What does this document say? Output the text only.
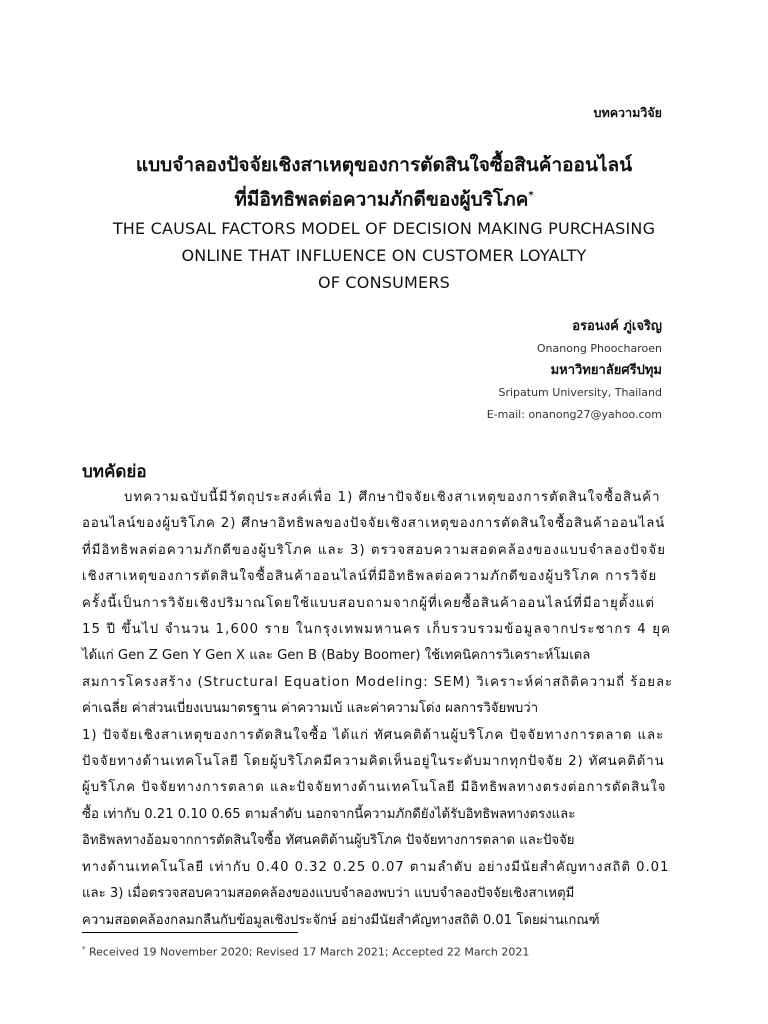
บทความวิจัย
แบบจำลองปัจจัยเชิงสาเหตุของการตัดสินใจซื้อสินค้าออนไลน์
ที่มีอิทธิพลต่อความภักดีของผู้บริโภค*
THE CAUSAL FACTORS MODEL OF DECISION MAKING PURCHASING
ONLINE THAT INFLUENCE ON CUSTOMER LOYALTY
OF CONSUMERS
อรอนงค์ ภู่เจริญ
Onanong Phoocharoen
มหาวิทยาลัยศรีปทุม
Sripatum University, Thailand
E-mail: onanong27@yahoo.com
บทคัดย่อ
บทความฉบับนี้มีวัตถุประสงค์เพื่อ 1) ศึกษาปัจจัยเชิงสาเหตุของการตัดสินใจซื้อสินค้า
ออนไลน์ของผู้บริโภค 2) ศึกษาอิทธิพลของปัจจัยเชิงสาเหตุของการตัดสินใจซื้อสินค้าออนไลน์
ที่มีอิทธิพลต่อความภักดีของผู้บริโภค และ 3) ตรวจสอบความสอดคล้องของแบบจำลองปัจจัย
เชิงสาเหตุของการตัดสินใจซื้อสินค้าออนไลน์ที่มีอิทธิพลต่อความภักดีของผู้บริโภค การวิจัย
ครั้งนี้เป็นการวิจัยเชิงปริมาณโดยใช้แบบสอบถามจากผู้ที่เคยซื้อสินค้าออนไลน์ที่มีอายุตั้งแต่
15 ปี ขึ้นไป จำนวน 1,600 ราย ในกรุงเทพมหานคร เก็บรวบรวมข้อมูลจากประชากร 4 ยุค
ได้แก่ Gen Z Gen Y Gen X และ Gen B (Baby Boomer) ใช้เทคนิคการวิเคราะห์โมเดล
สมการโครงสร้าง (Structural Equation Modeling: SEM) วิเคราะห์ค่าสถิติความถี่ ร้อยละ
ค่าเฉลี่ย ค่าส่วนเบี่ยงเบนมาตรฐาน ค่าความเบ้ และค่าความโด่ง ผลการวิจัยพบว่า
1) ปัจจัยเชิงสาเหตุของการตัดสินใจซื้อ ได้แก่ ทัศนคติด้านผู้บริโภค ปัจจัยทางการตลาด และ
ปัจจัยทางด้านเทคโนโลยี โดยผู้บริโภคมีความคิดเห็นอยู่ในระดับมากทุกปัจจัย 2) ทัศนคติด้าน
ผู้บริโภค ปัจจัยทางการตลาด และปัจจัยทางด้านเทคโนโลยี มีอิทธิพลทางตรงต่อการตัดสินใจ
ซื้อ เท่ากับ 0.21 0.10 0.65 ตามลำดับ นอกจากนี้ความภักดียังได้รับอิทธิพลทางตรงและ
อิทธิพลทางอ้อมจากการตัดสินใจซื้อ ทัศนคติด้านผู้บริโภค ปัจจัยทางการตลาด และปัจจัย
ทางด้านเทคโนโลยี เท่ากับ 0.40 0.32 0.25 0.07 ตามลำดับ อย่างมีนัยสำคัญทางสถิติ 0.01
และ 3) เมื่อตรวจสอบความสอดคล้องของแบบจำลองพบว่า แบบจำลองปัจจัยเชิงสาเหตุมี
ความสอดคล้องกลมกลืนกับข้อมูลเชิงประจักษ์ อย่างมีนัยสำคัญทางสถิติ 0.01 โดยผ่านเกณฑ์
* Received 19 November 2020; Revised 17 March 2021; Accepted 22 March 2021
